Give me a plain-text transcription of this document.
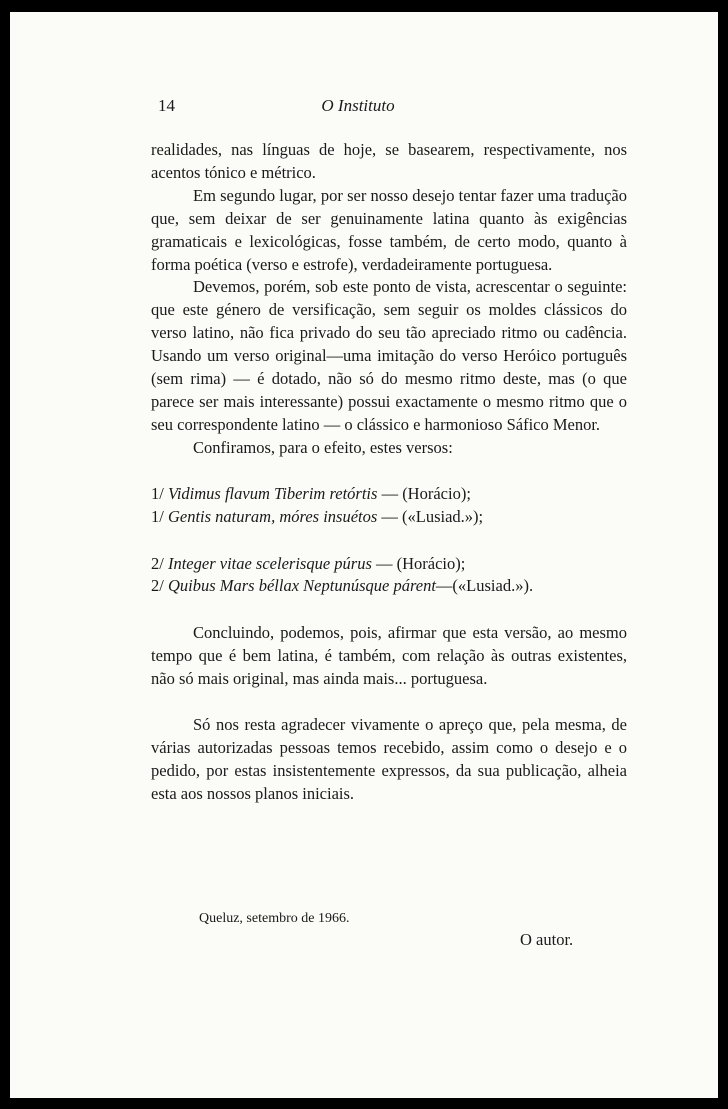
14	O Instituto

realidades, nas línguas de hoje, se basearem, respectivamente, nos acentos tónico e métrico.

Em segundo lugar, por ser nosso desejo tentar fazer uma tradução que, sem deixar de ser genuinamente latina quanto às exigências gramaticais e lexicológicas, fosse também, de certo modo, quanto à forma poética (verso e estrofe), verdadeiramente portuguesa.

Devemos, porém, sob este ponto de vista, acrescentar o seguinte: que este género de versificação, sem seguir os moldes clássicos do verso latino, não fica privado do seu tão apreciado ritmo ou cadência. Usando um verso original—uma imitação do verso Heróico português (sem rima) — é dotado, não só do mesmo ritmo deste, mas (o que parece ser mais interessante) possui exactamente o mesmo ritmo que o seu correspondente latino — o clássico e harmonioso Sáfico Menor.

Confiramos, para o efeito, estes versos:

1/ Vidimus flavum Tiberim retórtis — (Horácio);
1/ Gentis naturam, móres insuétos — («Lusiad.»);
2/ Integer vitae scelerisque púrus — (Horácio);
2/ Quibus Mars béllax Neptunúsque párent—(«Lusiad.»).

Concluindo, podemos, pois, afirmar que esta versão, ao mesmo tempo que é bem latina, é também, com relação às outras existentes, não só mais original, mas ainda mais... portuguesa.

Só nos resta agradecer vivamente o apreço que, pela mesma, de várias autorizadas pessoas temos recebido, assim como o desejo e o pedido, por estas insistentemente expressos, da sua publicação, alheia esta aos nossos planos iniciais.

Queluz, setembro de 1966.
O autor.
